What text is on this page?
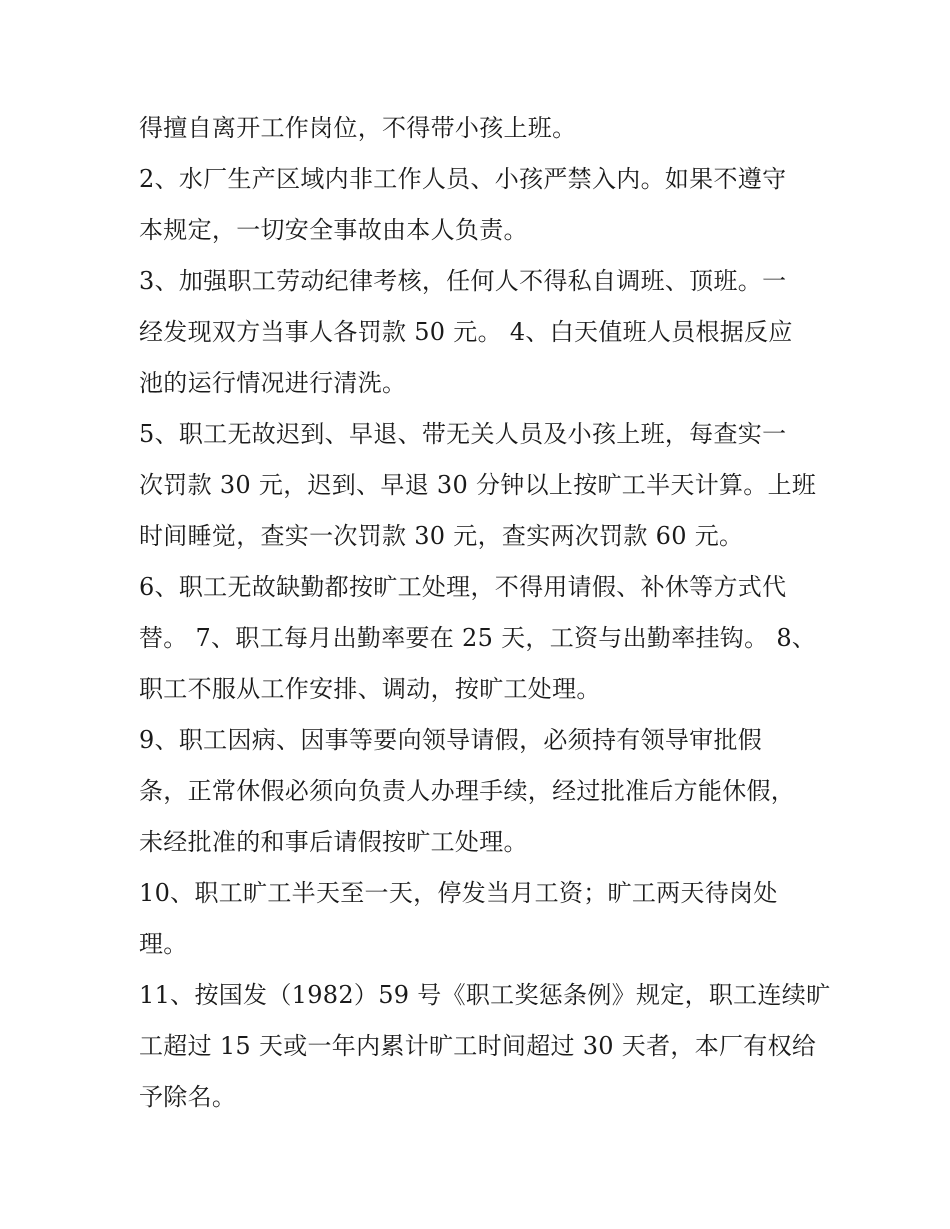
得擅自离开工作岗位，不得带小孩上班。
2、水厂生产区域内非工作人员、小孩严禁入内。如果不遵守
本规定，一切安全事故由本人负责。
3、加强职工劳动纪律考核，任何人不得私自调班、顶班。一
经发现双方当事人各罚款 50 元。 4、白天值班人员根据反应
池的运行情况进行清洗。
5、职工无故迟到、早退、带无关人员及小孩上班，每查实一
次罚款 30 元，迟到、早退 30 分钟以上按旷工半天计算。上班
时间睡觉，查实一次罚款 30 元，查实两次罚款 60 元。
6、职工无故缺勤都按旷工处理，不得用请假、补休等方式代
替。 7、职工每月出勤率要在 25 天，工资与出勤率挂钩。 8、
职工不服从工作安排、调动，按旷工处理。
9、职工因病、因事等要向领导请假，必须持有领导审批假
条，正常休假必须向负责人办理手续，经过批准后方能休假，
未经批准的和事后请假按旷工处理。
10、职工旷工半天至一天，停发当月工资；旷工两天待岗处
理。
11、按国发（1982）59 号《职工奖惩条例》规定，职工连续旷
工超过 15 天或一年内累计旷工时间超过 30 天者，本厂有权给
予除名。
